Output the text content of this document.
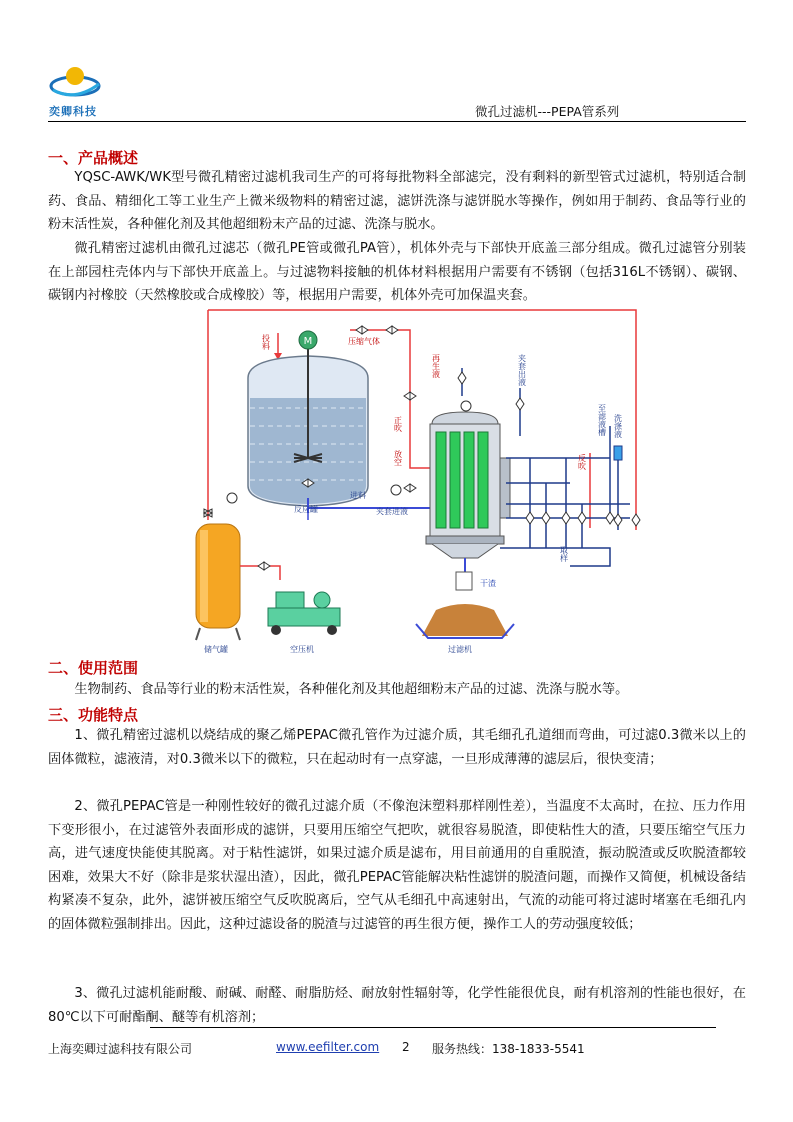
奕卿科技	微孔过滤机---PEPA管系列
一、产品概述
YQSC-AWK/WK型号微孔精密过滤机我司生产的可将每批物料全部滤完，没有剩料的新型管式过滤机，特别适合制药、食品、精细化工等工业生产上微米级物料的精密过滤，滤饼洗涤与滤饼脱水等操作，例如用于制药、食品等行业的粉末活性炭，各种催化剂及其他超细粉末产品的过滤、洗涤与脱水。
微孔精密过滤机由微孔过滤芯（微孔PE管或微孔PA管），机体外壳与下部快开底盖三部分组成。微孔过滤管分别装在上部园柱壳体内与下部快开底盖上。与过滤物料接触的机体材料根据用户需要有不锈钢（包括316L不锈钢）、碳钢、碳钢内衬橡胶（天然橡胶或合成橡胶）等，根据用户需要，机体外壳可加保温夹套。
M
干渣
投料	压缩气体
正吹
放空
再生液	夹套出液
至滤液槽 洗涤液
反吹
进料
夹套进液
反应罐
取样
储气罐	空压机	过滤机
二、使用范围
生物制药、食品等行业的粉末活性炭，各种催化剂及其他超细粉末产品的过滤、洗涤与脱水等。
三、功能特点
1、微孔精密过滤机以烧结成的聚乙烯PEPAC微孔管作为过滤介质，其毛细孔孔道细而弯曲，可过滤0.3微米以上的固体微粒，滤液清，对0.3微米以下的微粒，只在起动时有一点穿滤，一旦形成薄薄的滤层后，很快变清；
2、微孔PEPAC管是一种刚性较好的微孔过滤介质（不像泡沫塑料那样刚性差），当温度不太高时，在拉、压力作用下变形很小，在过滤管外表面形成的滤饼，只要用压缩空气把吹，就很容易脱渣，即使粘性大的渣，只要压缩空气压力高，进气速度快能使其脱离。对于粘性滤饼，如果过滤介质是滤布，用目前通用的自重脱渣，振动脱渣或反吹脱渣都较困难，效果大不好（除非是浆状湿出渣），因此，微孔PEPAC管能解决粘性滤饼的脱渣问题，而操作又简便，机械设备结构紧凑不复杂，此外，滤饼被压缩空气反吹脱离后，空气从毛细孔中高速射出，气流的动能可将过滤时堵塞在毛细孔内的固体微粒强制排出。因此，这种过滤设备的脱渣与过滤管的再生很方便，操作工人的劳动强度较低；
3、微孔过滤机能耐酸、耐碱、耐醛、耐脂肪烃、耐放射性辐射等，化学性能很优良，耐有机溶剂的性能也很好，在80℃以下可耐酯酮、醚等有机溶剂；
上海奕卿过滤科技有限公司	www.eefilter.com 2 服务热线：138-1833-5541
